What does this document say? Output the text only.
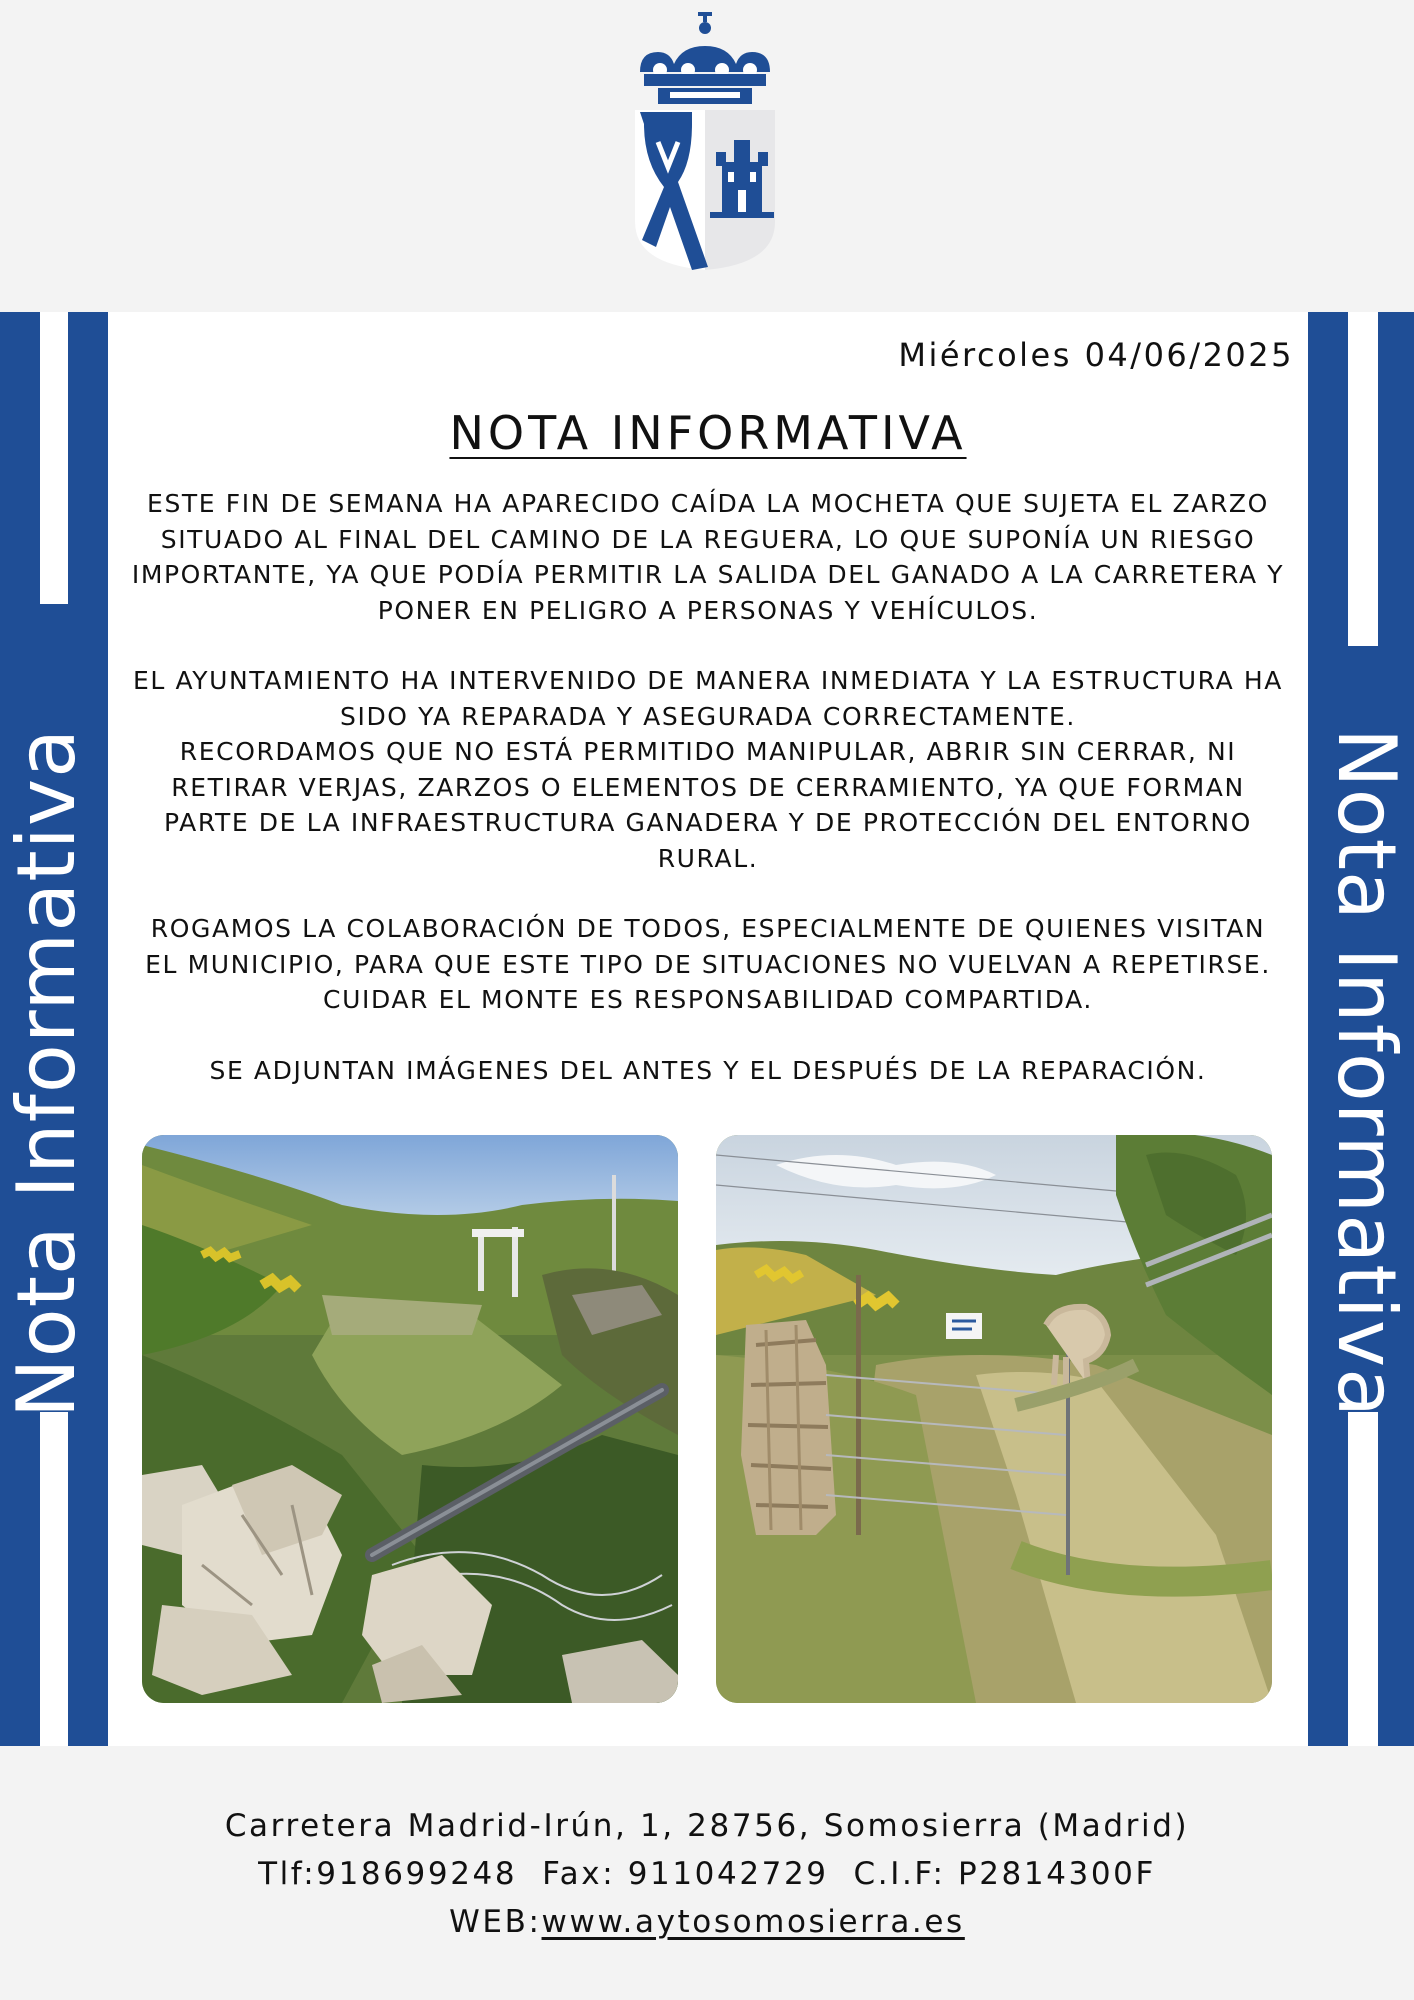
Nota Informativa	Nota Informativa
Miércoles 04/06/2025
NOTA INFORMATIVA

ESTE FIN DE SEMANA HA APARECIDO CAÍDA LA MOCHETA QUE SUJETA EL ZARZO SITUADO AL FINAL DEL CAMINO DE LA REGUERA, LO QUE SUPONÍA UN RIESGO IMPORTANTE, YA QUE PODÍA PERMITIR LA SALIDA DEL GANADO A LA CARRETERA Y PONER EN PELIGRO A PERSONAS Y VEHÍCULOS.

EL AYUNTAMIENTO HA INTERVENIDO DE MANERA INMEDIATA Y LA ESTRUCTURA HA SIDO YA REPARADA Y ASEGURADA CORRECTAMENTE.

RECORDAMOS QUE NO ESTÁ PERMITIDO MANIPULAR, ABRIR SIN CERRAR, NI RETIRAR VERJAS, ZARZOS O ELEMENTOS DE CERRAMIENTO, YA QUE FORMAN PARTE DE LA INFRAESTRUCTURA GANADERA Y DE PROTECCIÓN DEL ENTORNO RURAL.

ROGAMOS LA COLABORACIÓN DE TODOS, ESPECIALMENTE DE QUIENES VISITAN EL MUNICIPIO, PARA QUE ESTE TIPO DE SITUACIONES NO VUELVAN A REPETIRSE. CUIDAR EL MONTE ES RESPONSABILIDAD COMPARTIDA.

SE ADJUNTAN IMÁGENES DEL ANTES Y EL DESPUÉS DE LA REPARACIÓN.

Carretera Madrid-Irún, 1, 28756, Somosierra (Madrid)
Tlf:918699248  Fax: 911042729  C.I.F: P2814300F
WEB:www.aytosomosierra.es
